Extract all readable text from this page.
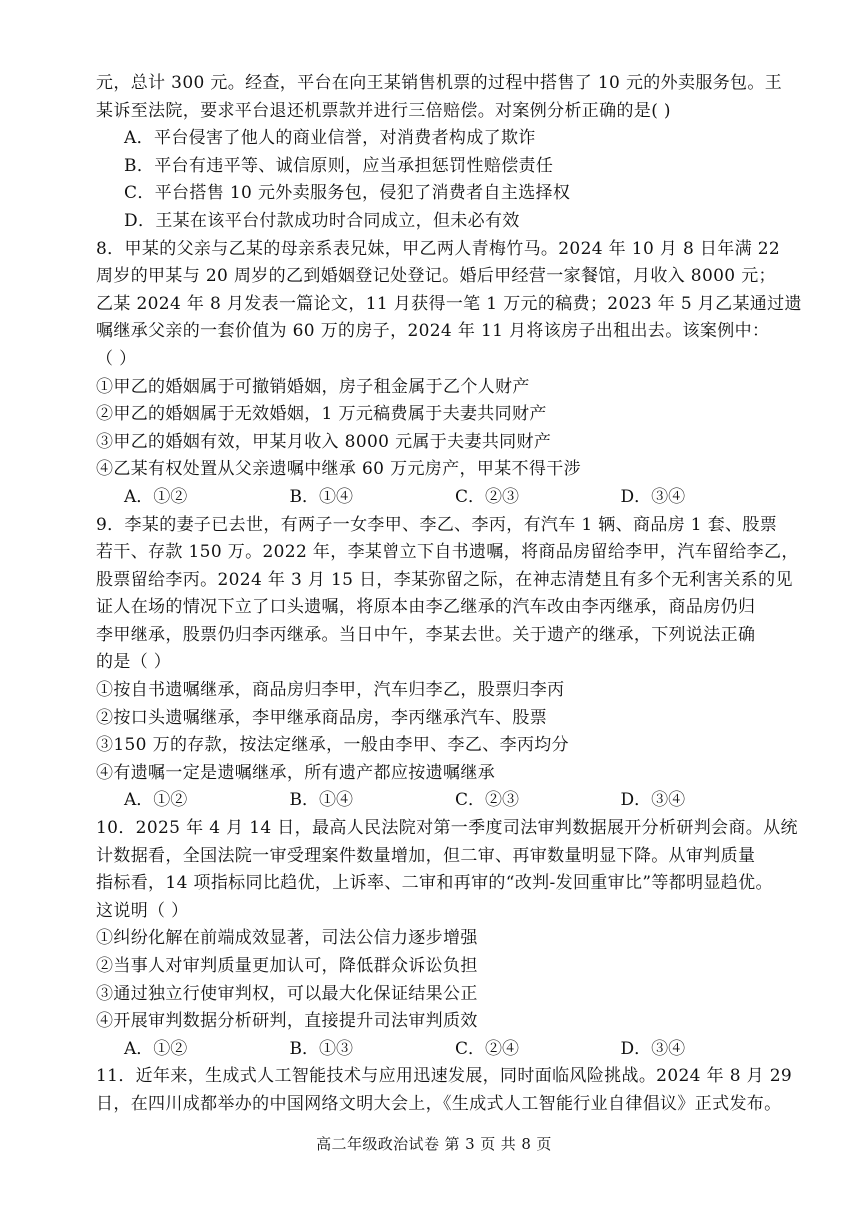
元，总计 300 元。经查，平台在向王某销售机票的过程中搭售了 10 元的外卖服务包。王
某诉至法院，要求平台退还机票款并进行三倍赔偿。对案例分析正确的是( )
A．平台侵害了他人的商业信誉，对消费者构成了欺诈
B．平台有违平等、诚信原则，应当承担惩罚性赔偿责任
C．平台搭售 10 元外卖服务包，侵犯了消费者自主选择权
D．王某在该平台付款成功时合同成立，但未必有效
8．甲某的父亲与乙某的母亲系表兄妹，甲乙两人青梅竹马。2024 年 10 月 8 日年满 22
周岁的甲某与 20 周岁的乙到婚姻登记处登记。婚后甲经营一家餐馆，月收入 8000 元；
乙某 2024 年 8 月发表一篇论文，11 月获得一笔 1 万元的稿费；2023 年 5 月乙某通过遗
嘱继承父亲的一套价值为 60 万的房子，2024 年 11 月将该房子出租出去。该案例中：
（ ）
①甲乙的婚姻属于可撤销婚姻，房子租金属于乙个人财产
②甲乙的婚姻属于无效婚姻，1 万元稿费属于夫妻共同财产
③甲乙的婚姻有效，甲某月收入 8000 元属于夫妻共同财产
④乙某有权处置从父亲遗嘱中继承 60 万元房产，甲某不得干涉
A．①②	B．①④	C．②③	D．③④
9．李某的妻子已去世，有两子一女李甲、李乙、李丙，有汽车 1 辆、商品房 1 套、股票
若干、存款 150 万。2022 年，李某曾立下自书遗嘱，将商品房留给李甲，汽车留给李乙，
股票留给李丙。2024 年 3 月 15 日，李某弥留之际，在神志清楚且有多个无利害关系的见
证人在场的情况下立了口头遗嘱，将原本由李乙继承的汽车改由李丙继承，商品房仍归
李甲继承，股票仍归李丙继承。当日中午，李某去世。关于遗产的继承，下列说法正确
的是（ ）
①按自书遗嘱继承，商品房归李甲，汽车归李乙，股票归李丙
②按口头遗嘱继承，李甲继承商品房，李丙继承汽车、股票
③150 万的存款，按法定继承，一般由李甲、李乙、李丙均分
④有遗嘱一定是遗嘱继承，所有遗产都应按遗嘱继承
A．①②	B．①④	C．②③	D．③④
10．2025 年 4 月 14 日，最高人民法院对第一季度司法审判数据展开分析研判会商。从统
计数据看，全国法院一审受理案件数量增加，但二审、再审数量明显下降。从审判质量
指标看，14 项指标同比趋优，上诉率、二审和再审的“改判-发回重审比”等都明显趋优。
这说明（ ）
①纠纷化解在前端成效显著，司法公信力逐步增强
②当事人对审判质量更加认可，降低群众诉讼负担
③通过独立行使审判权，可以最大化保证结果公正
④开展审判数据分析研判，直接提升司法审判质效
A．①②	B．①③	C．②④	D．③④
11．近年来，生成式人工智能技术与应用迅速发展，同时面临风险挑战。2024 年 8 月 29
日，在四川成都举办的中国网络文明大会上，《生成式人工智能行业自律倡议》正式发布。
高二年级政治试卷 第 3 页 共 8 页
